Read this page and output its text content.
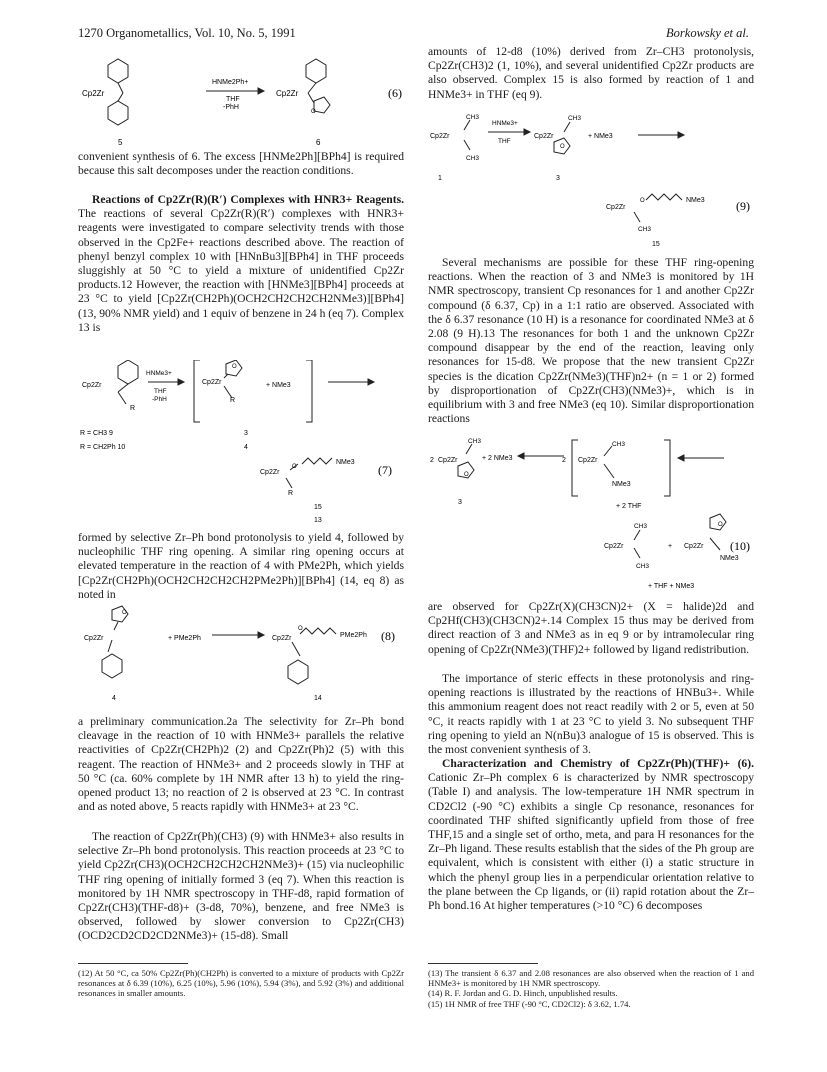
1270 Organometallics, Vol. 10, No. 5, 1991	Borkowsky et al.
Cp2Zr
HNMe2Ph+
THF
-PhH
Cp2Zr
O
(6)
5	6

convenient synthesis of 6. The excess [HNMe2Ph][BPh4] is required because this salt decomposes under the reaction conditions.

Reactions of Cp2Zr(R)(R′) Complexes with HNR3+ Reagents. The reactions of several Cp2Zr(R)(R′) complexes with HNR3+ reagents were investigated to compare selectivity trends with those observed in the Cp2Fe+ reactions described above. The reaction of phenyl benzyl complex 10 with [HNnBu3][BPh4] in THF proceeds sluggishly at 50 °C to yield a mixture of unidentified Cp2Zr products.12 However, the reaction with [HNMe3][BPh4] proceeds at 23 °C to yield [Cp2Zr(CH2Ph)(OCH2CH2CH2CH2NMe3)][BPh4] (13, 90% NMR yield) and 1 equiv of benzene in 24 h (eq 7). Complex 13 is

Cp2Zr
HNMe3+
THF
-PhH
R
Cp2Zr
R
O
+ NMe3
R = CH3 9
R = CH2Ph 10
3
4
Cp2Zr
O
NMe3
R
(7)
15
13

formed by selective Zr–Ph bond protonolysis to yield 4, followed by nucleophilic THF ring opening. A similar ring opening occurs at elevated temperature in the reaction of 4 with PMe2Ph, which yields [Cp2Zr(CH2Ph)(OCH2CH2CH2CH2PMe2Ph)][BPh4] (14, eq 8) as noted in

Cp2Zr
O
+ PMe2Ph	Cp2Zr
O
PMe2Ph (8)
4	14

a preliminary communication.2a The selectivity for Zr–Ph bond cleavage in the reaction of 10 with HNMe3+ parallels the relative reactivities of Cp2Zr(CH2Ph)2 (2) and Cp2Zr(Ph)2 (5) with this reagent. The reaction of HNMe3+ and 2 proceeds slowly in THF at 50 °C (ca. 60% complete by 1H NMR after 13 h) to yield the ring-opened product 13; no reaction of 2 is observed at 23 °C. In contrast and as noted above, 5 reacts rapidly with HNMe3+ at 23 °C.

The reaction of Cp2Zr(Ph)(CH3) (9) with HNMe3+ also results in selective Zr–Ph bond protonolysis. This reaction proceeds at 23 °C to yield Cp2Zr(CH3)(OCH2CH2CH2CH2NMe3)+ (15) via nucleophilic THF ring opening of initially formed 3 (eq 7). When this reaction is monitored by 1H NMR spectroscopy in THF-d8, rapid formation of Cp2Zr(CH3)(THF-d8)+ (3-d8, 70%), benzene, and free NMe3 is observed, followed by slower conversion to Cp2Zr(CH3)(OCD2CD2CD2CD2NMe3)+ (15-d8). Small

amounts of 12-d8 (10%) derived from Zr–CH3 protonolysis, Cp2Zr(CH3)2 (1, 10%), and several unidentified Cp2Zr products are also observed. Complex 15 is also formed by reaction of 1 and HNMe3+ in THF (eq 9).

CH3
Cp2Zr
CH3
HNMe3+
THF
Cp2Zr
CH3
O
+ NMe3
1	3
Cp2Zr
O	NMe3
CH3
(9)
15

Several mechanisms are possible for these THF ring-opening reactions. When the reaction of 3 and NMe3 is monitored by 1H NMR spectroscopy, transient Cp resonances for 1 and another Cp2Zr compound (δ 6.37, Cp) in a 1:1 ratio are observed. Associated with the δ 6.37 resonance (10 H) is a resonance for coordinated NMe3 at δ 2.08 (9 H).13 The resonances for both 1 and the unknown Cp2Zr compound disappear by the end of the reaction, leaving only resonances for 15-d8. We propose that the new transient Cp2Zr species is the dication Cp2Zr(NMe3)(THF)n2+ (n = 1 or 2) formed by disproportionation of Cp2Zr(CH3)(NMe3)+, which is in equilibrium with 3 and free NMe3 (eq 10). Similar disproportionation reactions

2 Cp2Zr
CH3
O
+ 2 NMe3	2 Cp2Zr
CH3
NMe3
3
+ 2 THF
Cp2Zr
CH3
CH3
+ Cp2Zr
O
NMe3
(10)
+ THF + NMe3

are observed for Cp2Zr(X)(CH3CN)2+ (X = halide)2d and Cp2Hf(CH3)(CH3CN)2+.14 Complex 15 thus may be derived from direct reaction of 3 and NMe3 as in eq 9 or by intramolecular ring opening of Cp2Zr(NMe3)(THF)2+ followed by ligand redistribution.

The importance of steric effects in these protonolysis and ring-opening reactions is illustrated by the reactions of HNBu3+. While this ammonium reagent does not react readily with 2 or 5, even at 50 °C, it reacts rapidly with 1 at 23 °C to yield 3. No subsequent THF ring opening to yield an N(nBu)3 analogue of 15 is observed. This is the most convenient synthesis of 3.

Characterization and Chemistry of Cp2Zr(Ph)(THF)+ (6). Cationic Zr–Ph complex 6 is characterized by NMR spectroscopy (Table I) and analysis. The low-temperature 1H NMR spectrum in CD2Cl2 (-90 °C) exhibits a single Cp resonance, resonances for coordinated THF shifted significantly upfield from those of free THF,15 and a single set of ortho, meta, and para H resonances for the Zr–Ph ligand. These results establish that the sides of the Ph group are equivalent, which is consistent with either (i) a static structure in which the phenyl group lies in a perpendicular orientation relative to the plane between the Cp ligands, or (ii) rapid rotation about the Zr–Ph bond.16 At higher temperatures (>10 °C) 6 decomposes

(12) At 50 °C, ca 50% Cp2Zr(Ph)(CH2Ph) is converted to a mixture of products with Cp2Zr resonances at δ 6.39 (10%), 6.25 (10%), 5.96 (10%), 5.94 (3%), and 5.92 (3%) and additional resonances in smaller amounts.
(13) The transient δ 6.37 and 2.08 resonances are also observed when the reaction of 1 and HNMe3+ is monitored by 1H NMR spectroscopy.
(14) R. F. Jordan and G. D. Hinch, unpublished results.
(15) 1H NMR of free THF (-90 °C, CD2Cl2): δ 3.62, 1.74.
